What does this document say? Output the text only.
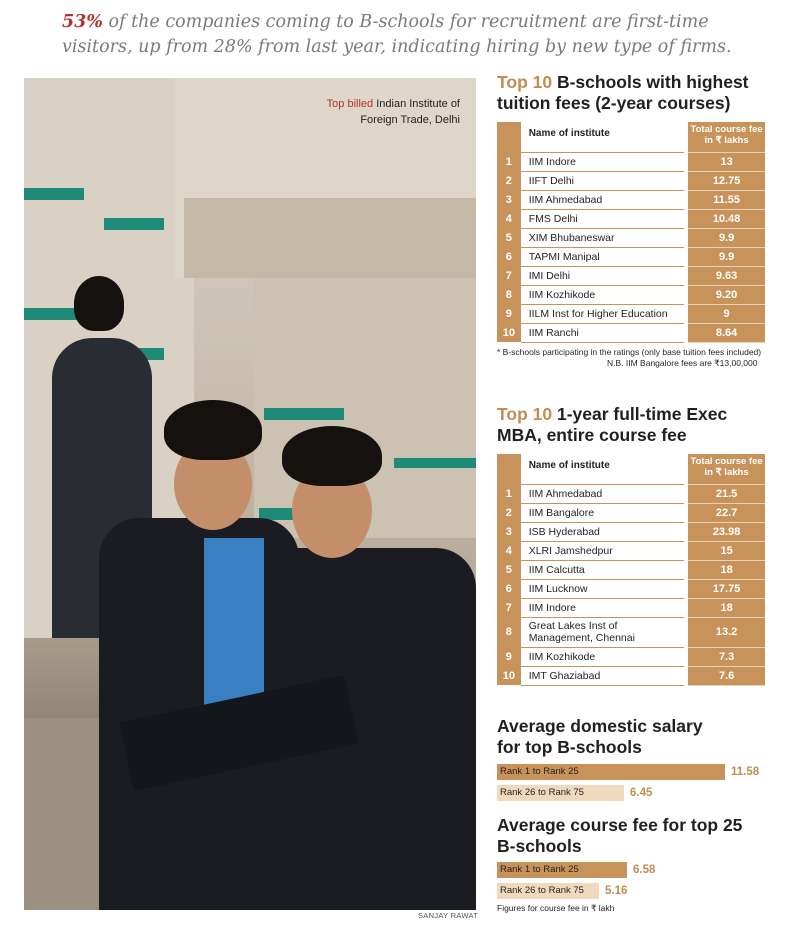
53% of the companies coming to B-schools for recruitment are first-time visitors, up from 28% from last year, indicating hiring by new type of firms.
Top billed Indian Institute of
Foreign Trade, Delhi
SANJAY RAWAT
Top 10 B-schools with highest tuition fees (2-year courses)
	Name of institute		Total course fee in ₹ lakhs
1	IIM Indore		13
2	IIFT Delhi		12.75
3	IIM Ahmedabad		11.55
4	FMS Delhi		10.48
5	XIM Bhubaneswar		9.9
6	TAPMI Manipal		9.9
7	IMI Delhi		9.63
8	IIM Kozhikode		9.20
9	IILM Inst for Higher Education		9
10	IIM Ranchi		8.64
* B-schools participating in the ratings (only base tuition fees included)
N.B. IIM Bangalore fees are ₹13,00,000
Top 10 1-year full-time Exec MBA, entire course fee
	Name of institute		Total course fee in ₹ lakhs
1	IIM Ahmedabad		21.5
2	IIM Bangalore		22.7
3	ISB Hyderabad		23.98
4	XLRI Jamshedpur		15
5	IIM Calcutta		18
6	IIM Lucknow		17.75
7	IIM Indore		18
8	Great Lakes Inst of Management, Chennai		13.2
9	IIM Kozhikode		7.3
10	IMT Ghaziabad		7.6
Average domestic salary for top B-schools
Rank 1 to Rank 25	11.58
Rank 26 to Rank 75	6.45
Average course fee for top 25 B-schools
Rank 1 to Rank 25	6.58
Rank 26 to Rank 75	5.16
Figures for course fee in ₹ lakh
